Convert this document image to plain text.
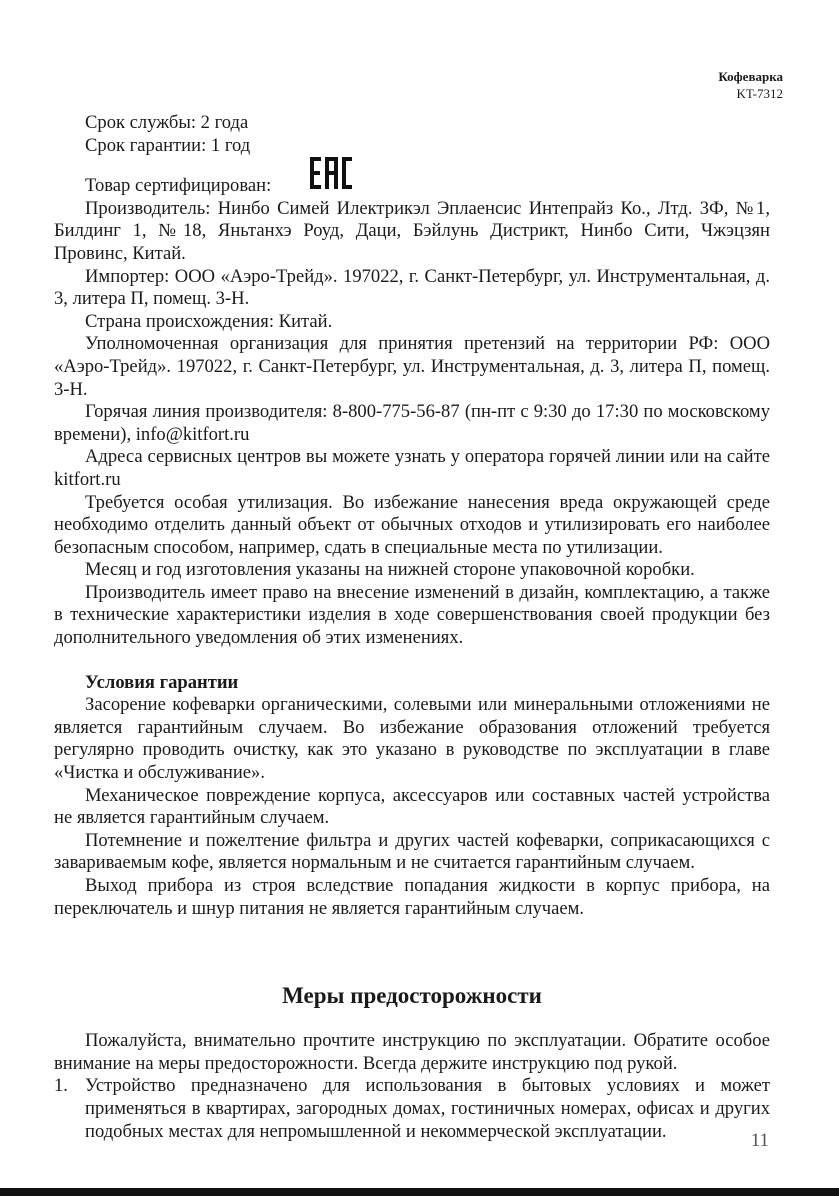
Кофеварка
KT-7312

Срок службы: 2 года

Срок гарантии: 1 год

Товар сертифицирован:

Производитель: Нинбо Симей Илектрикэл Эплаенсис Интепрайз Ко., Лтд. 3Ф, №1, Билдинг 1, №18, Яньтанхэ Роуд, Даци, Бэйлунь Дистрикт, Нинбо Сити, Чжэцзян Провинс, Китай.

Импортер: ООО «Аэро-Трейд». 197022, г. Санкт-Петербург, ул. Инструментальная, д. 3, литера П, помещ. 3-Н.

Страна происхождения: Китай.

Уполномоченная организация для принятия претензий на территории РФ: ООО «Аэро-Трейд». 197022, г. Санкт-Петербург, ул. Инструментальная, д. 3, литера П, помещ. 3-Н.

Горячая линия производителя: 8-800-775-56-87 (пн-пт с 9:30 до 17:30 по московскому времени), info@kitfort.ru

Адреса сервисных центров вы можете узнать у оператора горячей линии или на сайте kitfort.ru

Требуется особая утилизация. Во избежание нанесения вреда окружающей среде необходимо отделить данный объект от обычных отходов и утилизировать его наиболее безопасным способом, например, сдать в специальные места по утилизации.

Месяц и год изготовления указаны на нижней стороне упаковочной коробки.

Производитель имеет право на внесение изменений в дизайн, комплектацию, а также в технические характеристики изделия в ходе совершенствования своей продукции без дополнительного уведомления об этих изменениях.

Условия гарантии

Засорение кофеварки органическими, солевыми или минеральными отложениями не является гарантийным случаем. Во избежание образования отложений требуется регулярно проводить очистку, как это указано в руководстве по эксплуатации в главе «Чистка и обслуживание».

Механическое повреждение корпуса, аксессуаров или составных частей устройства не является гарантийным случаем.

Потемнение и пожелтение фильтра и других частей кофеварки, соприкасающихся с завариваемым кофе, является нормальным и не считается гарантийным случаем.

Выход прибора из строя вследствие попадания жидкости в корпус прибора, на переключатель и шнур питания не является гарантийным случаем.

Меры предосторожности

Пожалуйста, внимательно прочтите инструкцию по эксплуатации. Обратите особое внимание на меры предосторожности. Всегда держите инструкцию под рукой.

1. Устройство предназначено для использования в бытовых условиях и может применяться в квартирах, загородных домах, гостиничных номерах, офисах и других подобных местах для непромышленной и некоммерческой эксплуатации.	11
